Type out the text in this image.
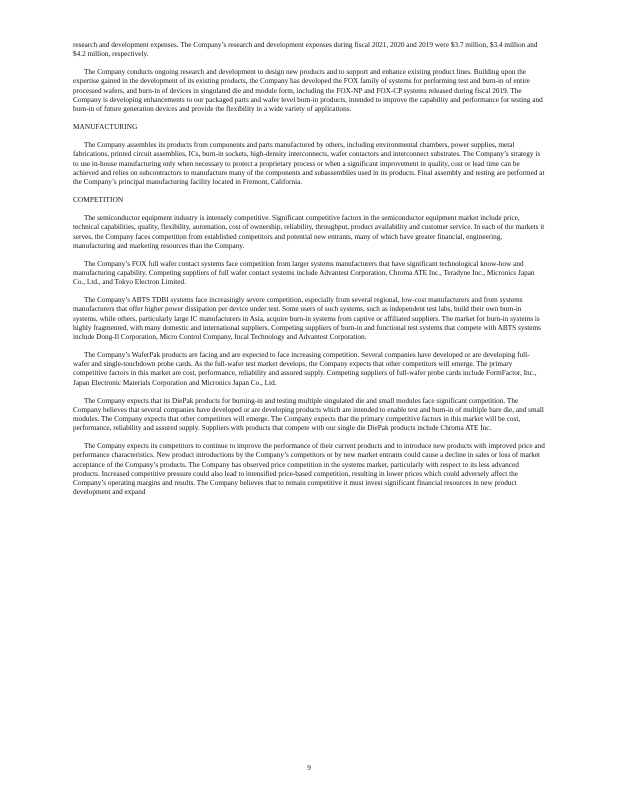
research and development expenses. The Company’s research and development expenses during fiscal 2021, 2020 and 2019 were $3.7 million, $3.4 million and $4.2 million, respectively.

The Company conducts ongoing research and development to design new products and to support and enhance existing product lines. Building upon the expertise gained in the development of its existing products, the Company has developed the FOX family of systems for performing test and burn-in of entire processed wafers, and burn-in of devices in singulated die and module form, including the FOX-NP and FOX-CP systems released during fiscal 2019. The Company is developing enhancements to our packaged parts and wafer level burn-in products, intended to improve the capability and performance for testing and burn-in of future generation devices and provide the flexibility in a wide variety of applications.

MANUFACTURING

The Company assembles its products from components and parts manufactured by others, including environmental chambers, power supplies, metal fabrications, printed circuit assemblies, ICs, burn-in sockets, high-density interconnects, wafer contactors and interconnect substrates. The Company’s strategy is to use in-house manufacturing only when necessary to protect a proprietary process or when a significant improvement in quality, cost or lead time can be achieved and relies on subcontractors to manufacture many of the components and subassemblies used in its products. Final assembly and testing are performed at the Company’s principal manufacturing facility located in Fremont, California.

COMPETITION

The semiconductor equipment industry is intensely competitive. Significant competitive factors in the semiconductor equipment market include price, technical capabilities, quality, flexibility, automation, cost of ownership, reliability, throughput, product availability and customer service. In each of the markets it serves, the Company faces competition from established competitors and potential new entrants, many of which have greater financial, engineering, manufacturing and marketing resources than the Company.

The Company’s FOX full wafer contact systems face competition from larger systems manufacturers that have significant technological know-how and manufacturing capability. Competing suppliers of full wafer contact systems include Advantest Corporation, Chroma ATE Inc., Teradyne Inc., Micronics Japan Co., Ltd., and Tokyo Electron Limited.

The Company’s ABTS TDBI systems face increasingly severe competition, especially from several regional, low-cost manufacturers and from systems manufacturers that offer higher power dissipation per device under test. Some users of such systems, such as independent test labs, build their own burn-in systems, while others, particularly large IC manufacturers in Asia, acquire burn-in systems from captive or affiliated suppliers. The market for burn-in systems is highly fragmented, with many domestic and international suppliers. Competing suppliers of burn-in and functional test systems that compete with ABTS systems include Dong-Il Corporation, Micro Control Company, Incal Technology and Advantest Corporation.

The Company’s WaferPak products are facing and are expected to face increasing competition. Several companies have developed or are developing full-wafer and single-touchdown probe cards. As the full-wafer test market develops, the Company expects that other competitors will emerge. The primary competitive factors in this market are cost, performance, reliability and assured supply. Competing suppliers of full-wafer probe cards include FormFactor, Inc., Japan Electronic Materials Corporation and Micronics Japan Co., Ltd.

The Company expects that its DiePak products for burning-in and testing multiple singulated die and small modules face significant competition. The Company believes that several companies have developed or are developing products which are intended to enable test and burn-in of multiple bare die, and small modules. The Company expects that other competitors will emerge. The Company expects that the primary competitive factors in this market will be cost, performance, reliability and assured supply. Suppliers with products that compete with our single die DiePak products include Chroma ATE Inc.

The Company expects its competitors to continue to improve the performance of their current products and to introduce new products with improved price and performance characteristics. New product introductions by the Company’s competitors or by new market entrants could cause a decline in sales or loss of market acceptance of the Company’s products. The Company has observed price competition in the systems market, particularly with respect to its less advanced products. Increased competitive pressure could also lead to intensified price-based competition, resulting in lower prices which could adversely affect the Company’s operating margins and results. The Company believes that to remain competitive it must invest significant financial resources in new product development and expand

9
